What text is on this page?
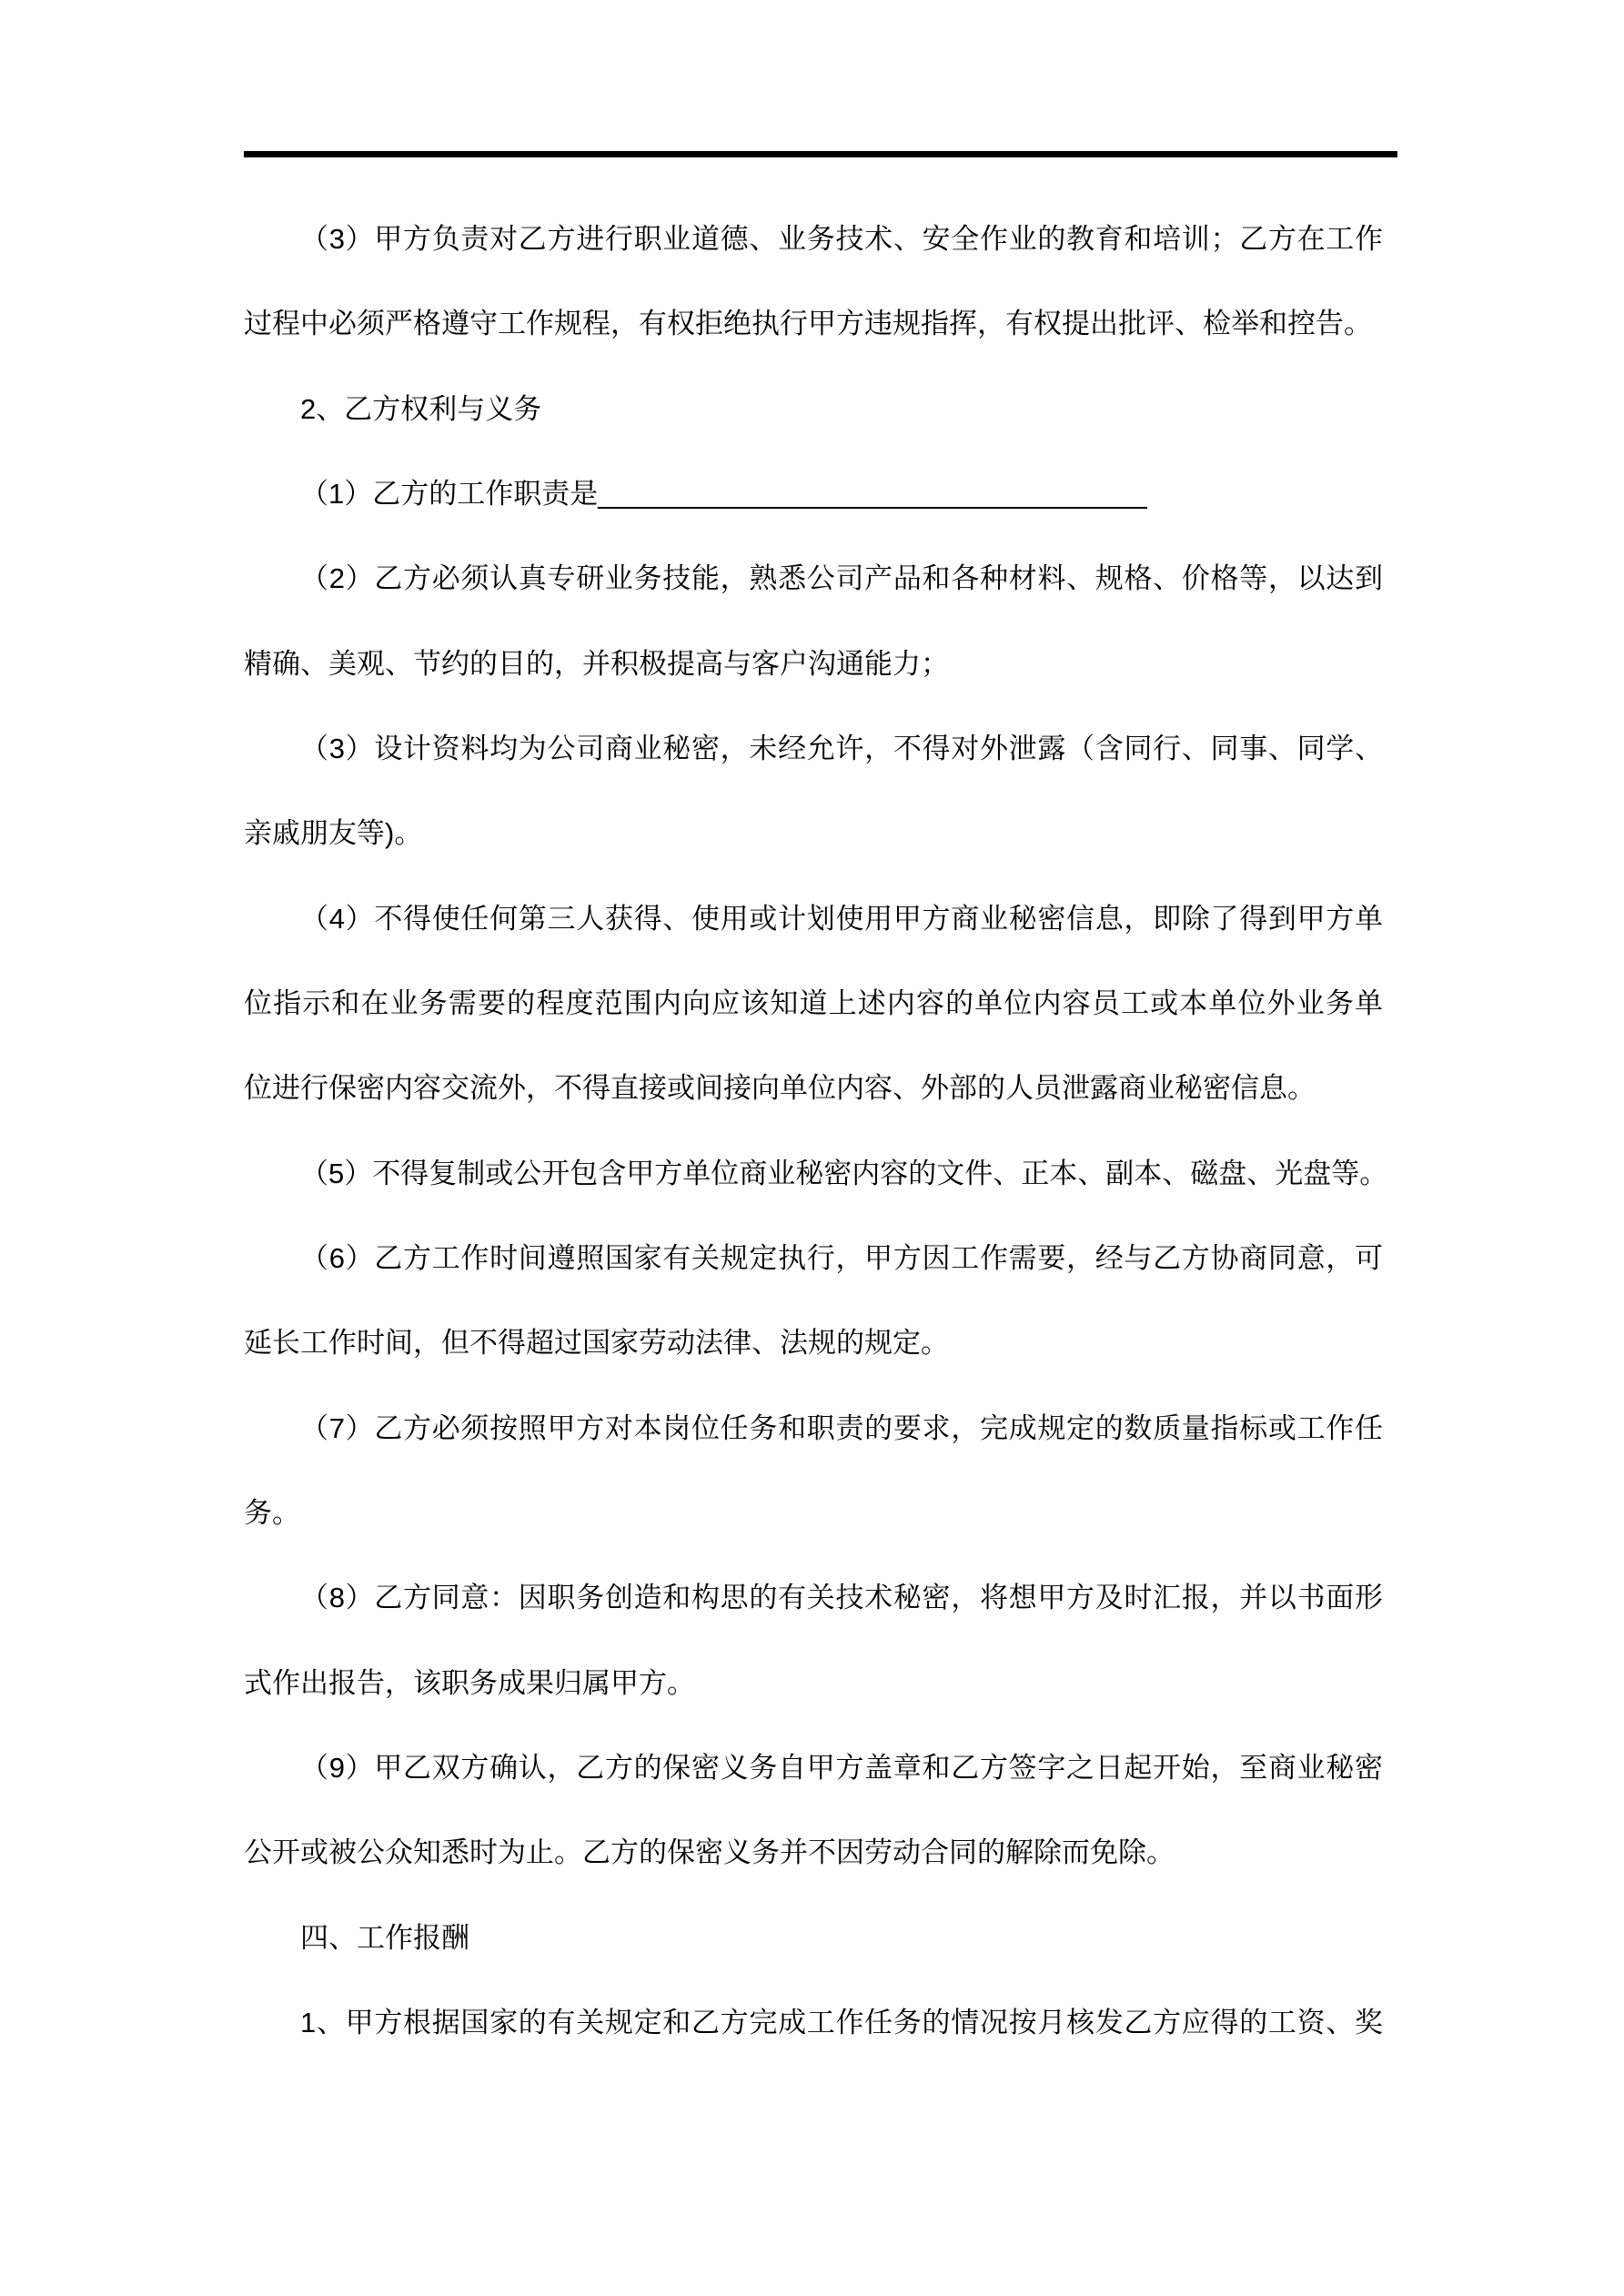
（3）甲方负责对乙方进行职业道德、业务技术、安全作业的教育和培训；乙方在工作
过程中必须严格遵守工作规程，有权拒绝执行甲方违规指挥，有权提出批评、检举和控告。
2、乙方权利与义务
（1）乙方的工作职责是___________________________________
（2）乙方必须认真专研业务技能，熟悉公司产品和各种材料、规格、价格等，以达到
精确、美观、节约的目的，并积极提高与客户沟通能力；
（3）设计资料均为公司商业秘密，未经允许，不得对外泄露（含同行、同事、同学、
亲戚朋友等)。
（4）不得使任何第三人获得、使用或计划使用甲方商业秘密信息，即除了得到甲方单
位指示和在业务需要的程度范围内向应该知道上述内容的单位内容员工或本单位外业务单
位进行保密内容交流外，不得直接或间接向单位内容、外部的人员泄露商业秘密信息。
（5）不得复制或公开包含甲方单位商业秘密内容的文件、正本、副本、磁盘、光盘等。
（6）乙方工作时间遵照国家有关规定执行，甲方因工作需要，经与乙方协商同意，可
延长工作时间，但不得超过国家劳动法律、法规的规定。
（7）乙方必须按照甲方对本岗位任务和职责的要求，完成规定的数质量指标或工作任
务。
（8）乙方同意：因职务创造和构思的有关技术秘密，将想甲方及时汇报，并以书面形
式作出报告，该职务成果归属甲方。
（9）甲乙双方确认，乙方的保密义务自甲方盖章和乙方签字之日起开始，至商业秘密
公开或被公众知悉时为止。乙方的保密义务并不因劳动合同的解除而免除。
四、工作报酬
1、甲方根据国家的有关规定和乙方完成工作任务的情况按月核发乙方应得的工资、奖
